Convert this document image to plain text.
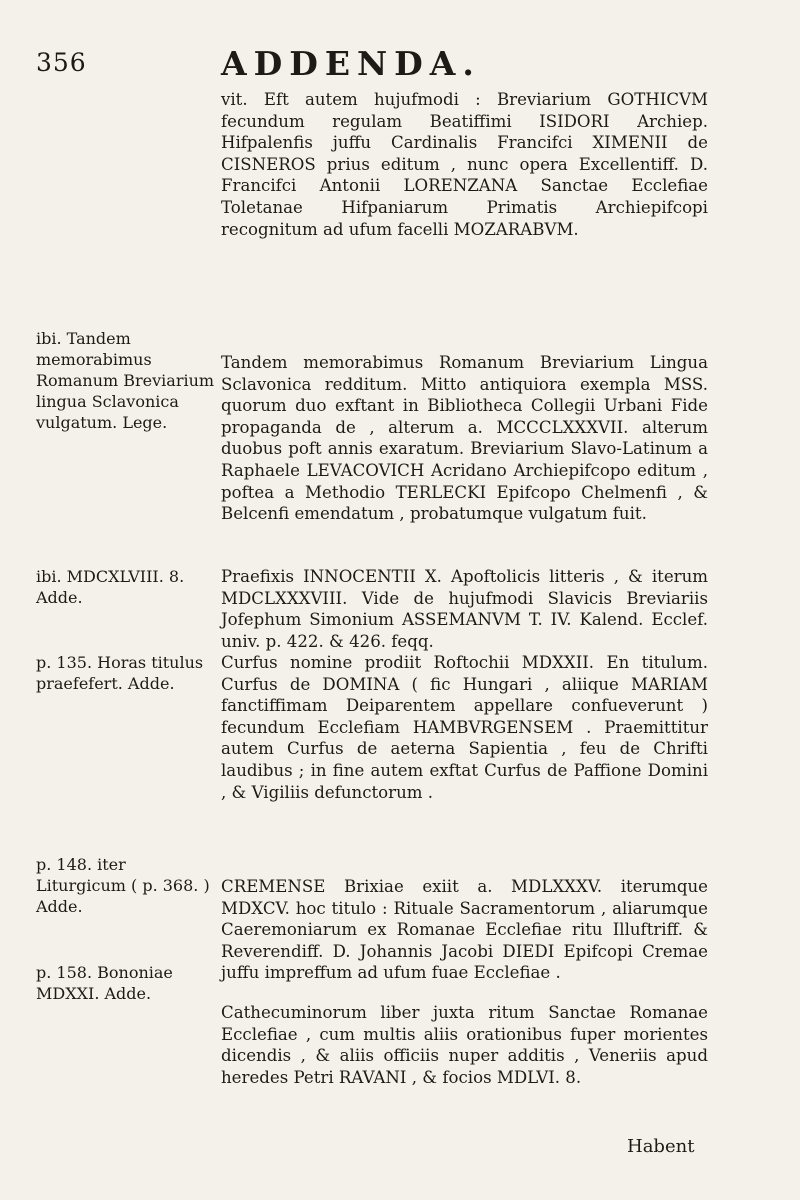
356	ADDENDA.

ibi. Tandem memorabimus Romanum Breviarium lingua Sclavonica vulgatum. Lege.

ibi. MDCXLVIII. 8. Adde.

p. 135. Horas titulus praefefert. Adde.

p. 148. iter Liturgicum ( p. 368. ) Adde.

p. 158. Bononiae MDXXI. Adde.

vit. Eft autem hujufmodi : Breviarium GOTHICVM fecundum regulam Beatiffimi ISIDORI Archiep. Hifpalenfis juffu Cardinalis Francifci XIMENII de CISNEROS prius editum , nunc opera Excellentiff. D. Francifci Antonii LORENZANA Sanctae Ecclefiae Toletanae Hifpaniarum Primatis Archiepifcopi recognitum ad ufum facelli MOZARABVM.

Tandem memorabimus Romanum Breviarium Lingua Sclavonica redditum. Mitto antiquiora exempla MSS. quorum duo exftant in Bibliotheca Collegii Urbani Fide propaganda de , alterum a. MCCCLXXXVII. alterum duobus poft annis exaratum. Breviarium Slavo-Latinum a Raphaele LEVACOVICH Acridano Archiepifcopo editum , poftea a Methodio TERLECKI Epifcopo Chelmenfi , & Belcenfi emendatum , probatumque vulgatum fuit.

Praefixis INNOCENTII X. Apoftolicis litteris , & iterum MDCLXXXVIII. Vide de hujufmodi Slavicis Breviariis Jofephum Simonium ASSEMANVM T. IV. Kalend. Ecclef. univ. p. 422. & 426. feqq.

Curfus nomine prodiit Roftochii MDXXII. En titulum. Curfus de DOMINA ( fic Hungari , aliique MARIAM fanctiffimam Deiparentem appellare confueverunt ) fecundum Ecclefiam HAMBVRGENSEM . Praemittitur autem Curfus de aeterna Sapientia , feu de Chrifti laudibus ; in fine autem exftat Curfus de Paffione Domini , & Vigiliis defunctorum .

CREMENSE Brixiae exiit a. MDLXXXV. iterumque MDXCV. hoc titulo : Rituale Sacramentorum , aliarumque Caeremoniarum ex Romanae Ecclefiae ritu Illuftriff. & Reverendiff. D. Johannis Jacobi DIEDI Epifcopi Cremae juffu impreffum ad ufum fuae Ecclefiae .

Cathecuminorum liber juxta ritum Sanctae Romanae Ecclefiae , cum multis aliis orationibus fuper morientes dicendis , & aliis officiis nuper additis , Veneriis apud heredes Petri RAVANI , & focios MDLVI. 8.

Habent
